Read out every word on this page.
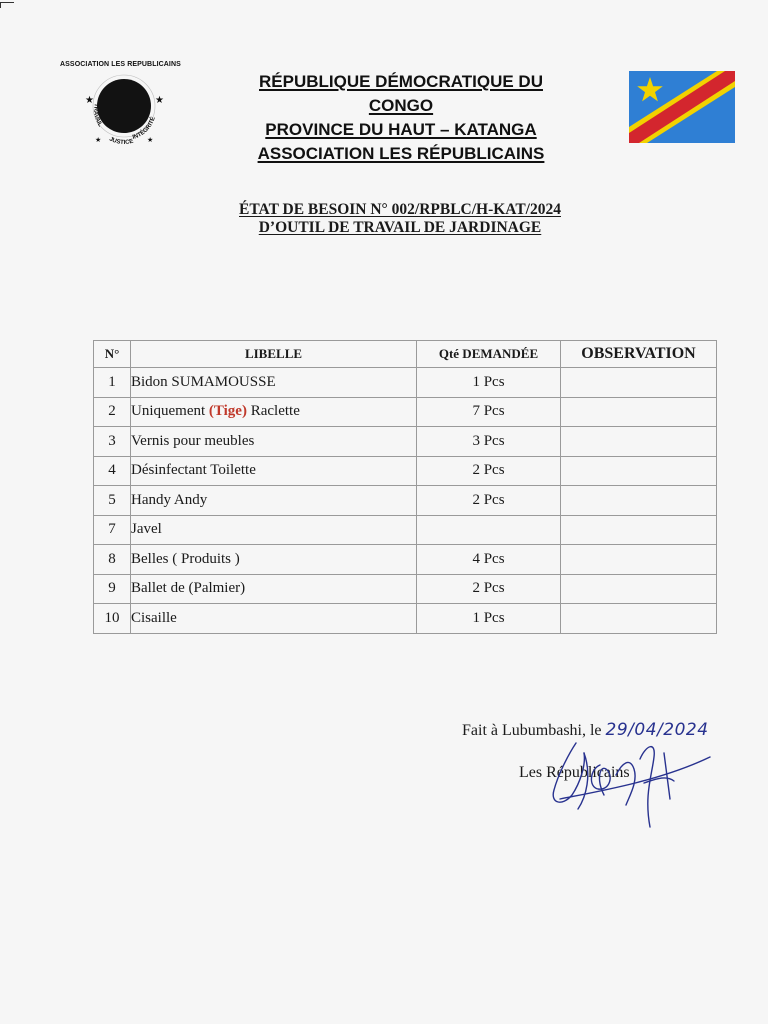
ASSOCIATION LES REPUBLICAINS
★	★
★	★
TRAVAIL
JUSTICE
INTÉGRITÉ
RÉPUBLIQUE DÉMOCRATIQUE DU
CONGO
PROVINCE DU HAUT – KATANGA
ASSOCIATION LES RÉPUBLICAINS
ÉTAT DE BESOIN N° 002/RPBLC/H-KAT/2024
D’OUTIL DE TRAVAIL DE JARDINAGE
N°	LIBELLE	Qté DEMANDÉE	OBSERVATION
1	Bidon SUMAMOUSSE	1 Pcs	
2	Uniquement (Tige) Raclette	7 Pcs	
3	Vernis pour meubles	3 Pcs	
4	Désinfectant Toilette	2 Pcs	
5	Handy Andy	2 Pcs	
7	Javel		
8	Belles ( Produits )	4 Pcs	
9	Ballet de (Palmier)	2 Pcs	
10	Cisaille	1 Pcs	
Fait à Lubumbashi, le 29/04/2024
Les Républicains
